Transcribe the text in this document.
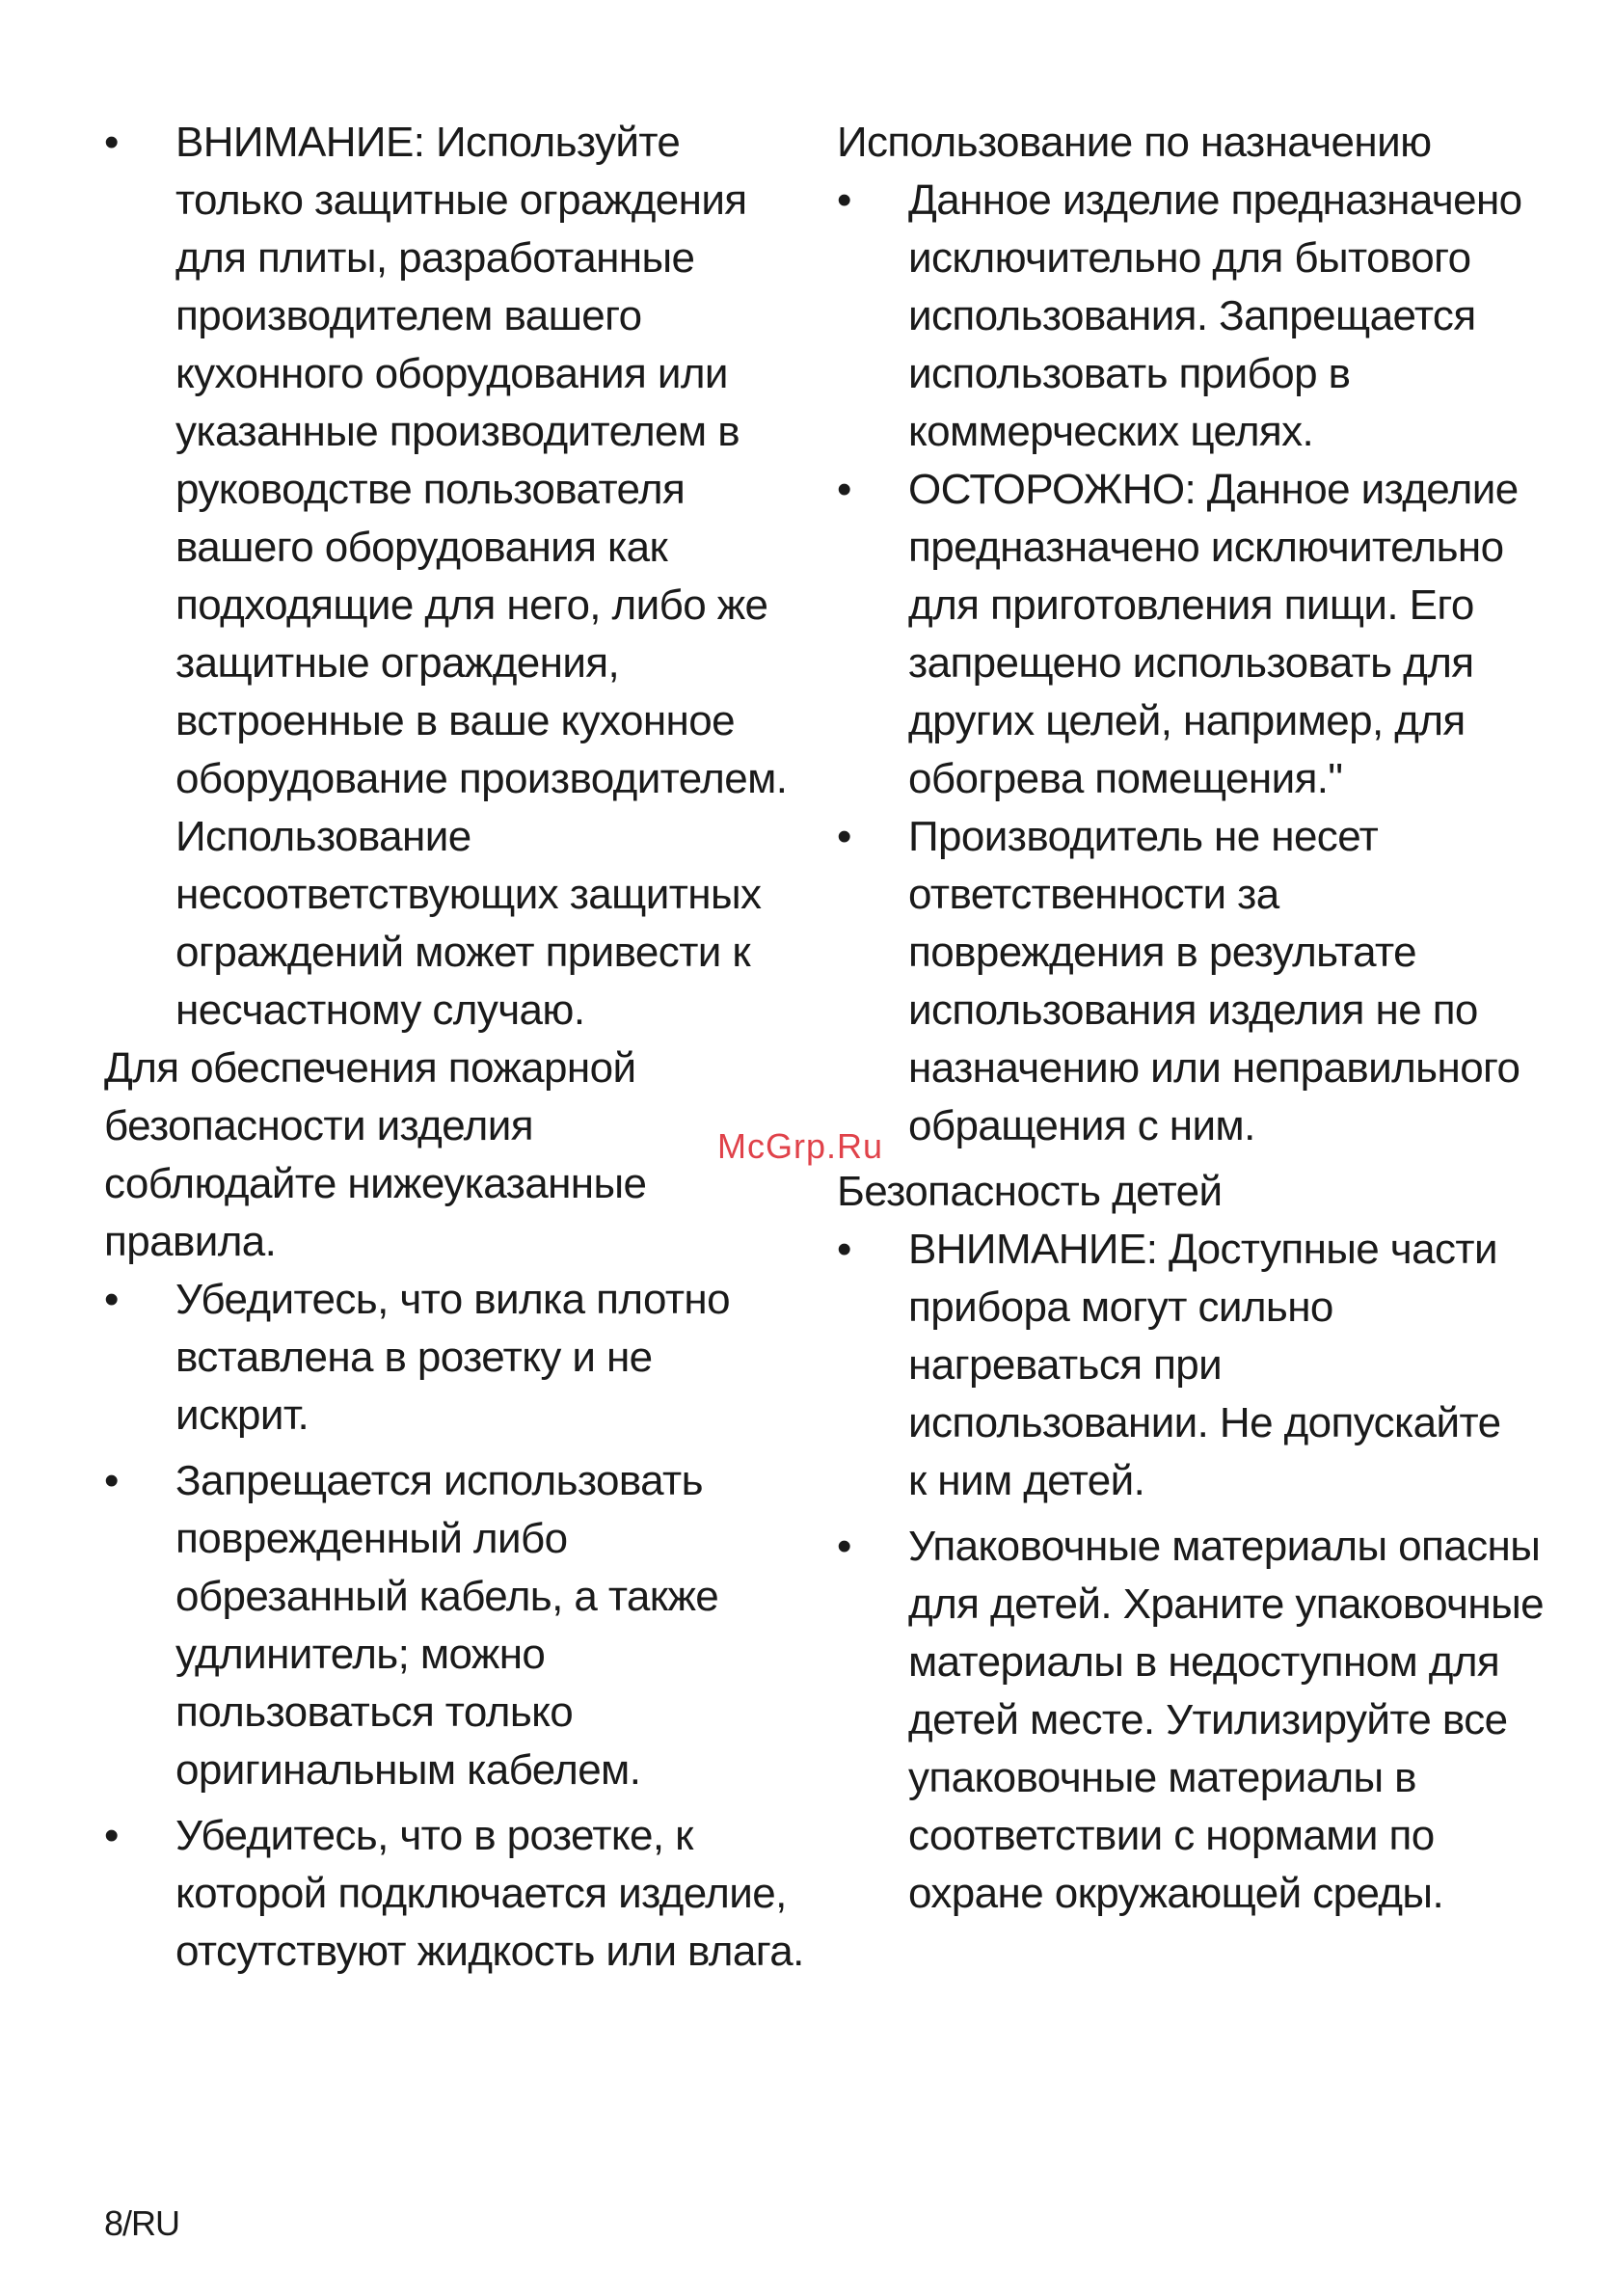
• ВНИМАНИЕ: Используйте только защитные ограждения для плиты, разработанные производителем вашего кухонного оборудования или указанные производителем в руководстве пользователя вашего оборудования как подходящие для него, либо же защитные ограждения, встроенные в ваше кухонное оборудование производителем. Использование несоответствующих защитных ограждений может привести к несчастному случаю.

Для обеспечения пожарной безопасности изделия соблюдайте нижеуказанные правила.

• Убедитесь, что вилка плотно вставлена в розетку и не искрит.
• Запрещается использовать поврежденный либо обрезанный кабель, а также удлинитель; можно пользоваться только оригинальным кабелем.
• Убедитесь, что в розетке, к которой подключается изделие, отсутствуют жидкость или влага.

Использование по назначению

• Данное изделие предназначено исключительно для бытового использования. Запрещается использовать прибор в коммерческих целях.
• ОСТОРОЖНО: Данное изделие предназначено исключительно для приготовления пищи. Его запрещено использовать для других целей, например, для обогрева помещения."
• Производитель не несет ответственности за повреждения в результате использования изделия не по назначению или неправильного обращения с ним.

Безопасность детей

• ВНИМАНИЕ: Доступные части прибора могут сильно нагреваться при использовании. Не допускайте к ним детей.
• Упаковочные материалы опасны для детей. Храните упаковочные материалы в недоступном для детей месте. Утилизируйте все упаковочные материалы в соответствии с нормами по охране окружающей среды.
McGrp.Ru
8/RU
